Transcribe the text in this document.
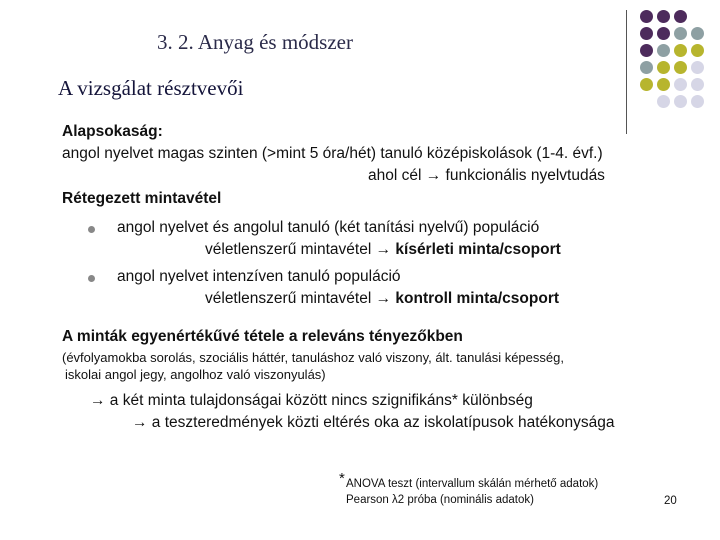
3. 2. Anyag és módszer
A vizsgálat résztvevői
Alapsokaság:
angol nyelvet magas szinten (>mint 5 óra/hét) tanuló középiskolások (1-4. évf.)
ahol cél → funkcionális nyelvtudás
Rétegezett mintavétel
angol nyelvet és angolul tanuló (két tanítási nyelvű) populáció
véletlenszerű mintavétel → kísérleti minta/csoport
angol nyelvet intenzíven tanuló populáció
véletlenszerű mintavétel → kontroll minta/csoport
A minták egyenértékűvé tétele a releváns tényezőkben
(évfolyamokba sorolás, szociális háttér, tanuláshoz való viszony, ált. tanulási képesség,
iskolai angol jegy, angolhoz való viszonyulás)
→ a két minta tulajdonságai között nincs szignifikáns* különbség
→ a teszteredmények közti eltérés oka az iskolatípusok hatékonysága
* ANOVA teszt (intervallum skálán mérhető adatok)
Pearson λ2 próba (nominális adatok)	20
